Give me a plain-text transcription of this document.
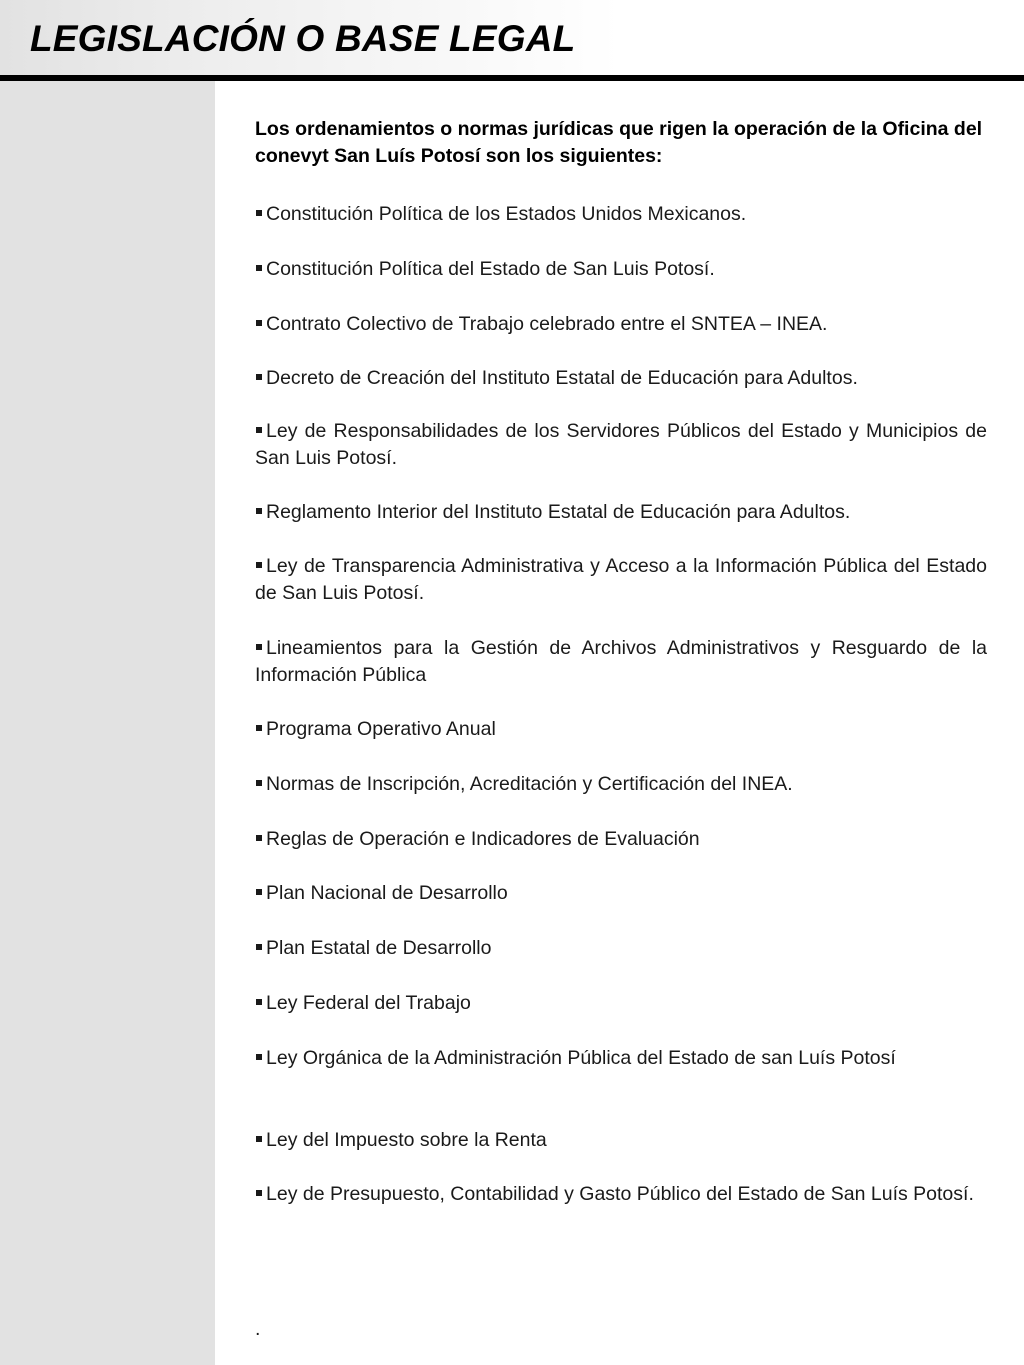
LEGISLACIÓN O BASE LEGAL

Los ordenamientos o normas jurídicas que rigen la operación de la Oficina del conevyt San Luís Potosí son los siguientes:

Constitución Política de los Estados Unidos Mexicanos.
Constitución Política del Estado de San Luis Potosí.
Contrato Colectivo de Trabajo celebrado entre el SNTEA – INEA.
Decreto de Creación del Instituto Estatal de Educación para Adultos.
Ley de Responsabilidades de los Servidores Públicos del Estado y Municipios de San Luis Potosí.
Reglamento Interior del Instituto Estatal de Educación para Adultos.
Ley de Transparencia Administrativa y Acceso a la Información Pública del Estado de San Luis Potosí.
Lineamientos para la Gestión de Archivos Administrativos y Resguardo de la Información Pública
Programa Operativo Anual
Normas de Inscripción, Acreditación y Certificación del INEA.
Reglas de Operación e Indicadores de Evaluación
Plan Nacional de Desarrollo
Plan Estatal de Desarrollo
Ley Federal del Trabajo
Ley Orgánica de la Administración Pública del Estado de san Luís Potosí
Ley del Impuesto sobre la Renta
Ley de Presupuesto, Contabilidad y Gasto Público del Estado de San Luís Potosí.
.
